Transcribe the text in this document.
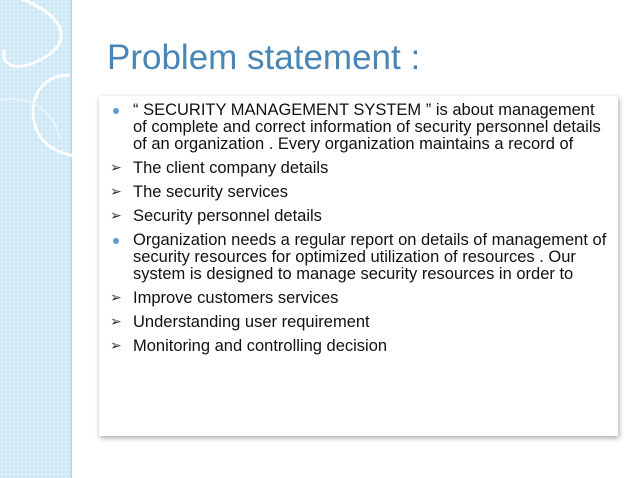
Problem statement :
“ SECURITY MANAGEMENT SYSTEM ” is about management of complete and correct information of security personnel details of an organization . Every organization maintains a record of
➢
The client company details
➢
The security services
➢
Security personnel details
Organization needs a regular report on details of management of security resources for optimized utilization of resources . Our system is designed to manage security resources in order to
➢
Improve customers services
➢
Understanding user requirement
➢
Monitoring and controlling decision
